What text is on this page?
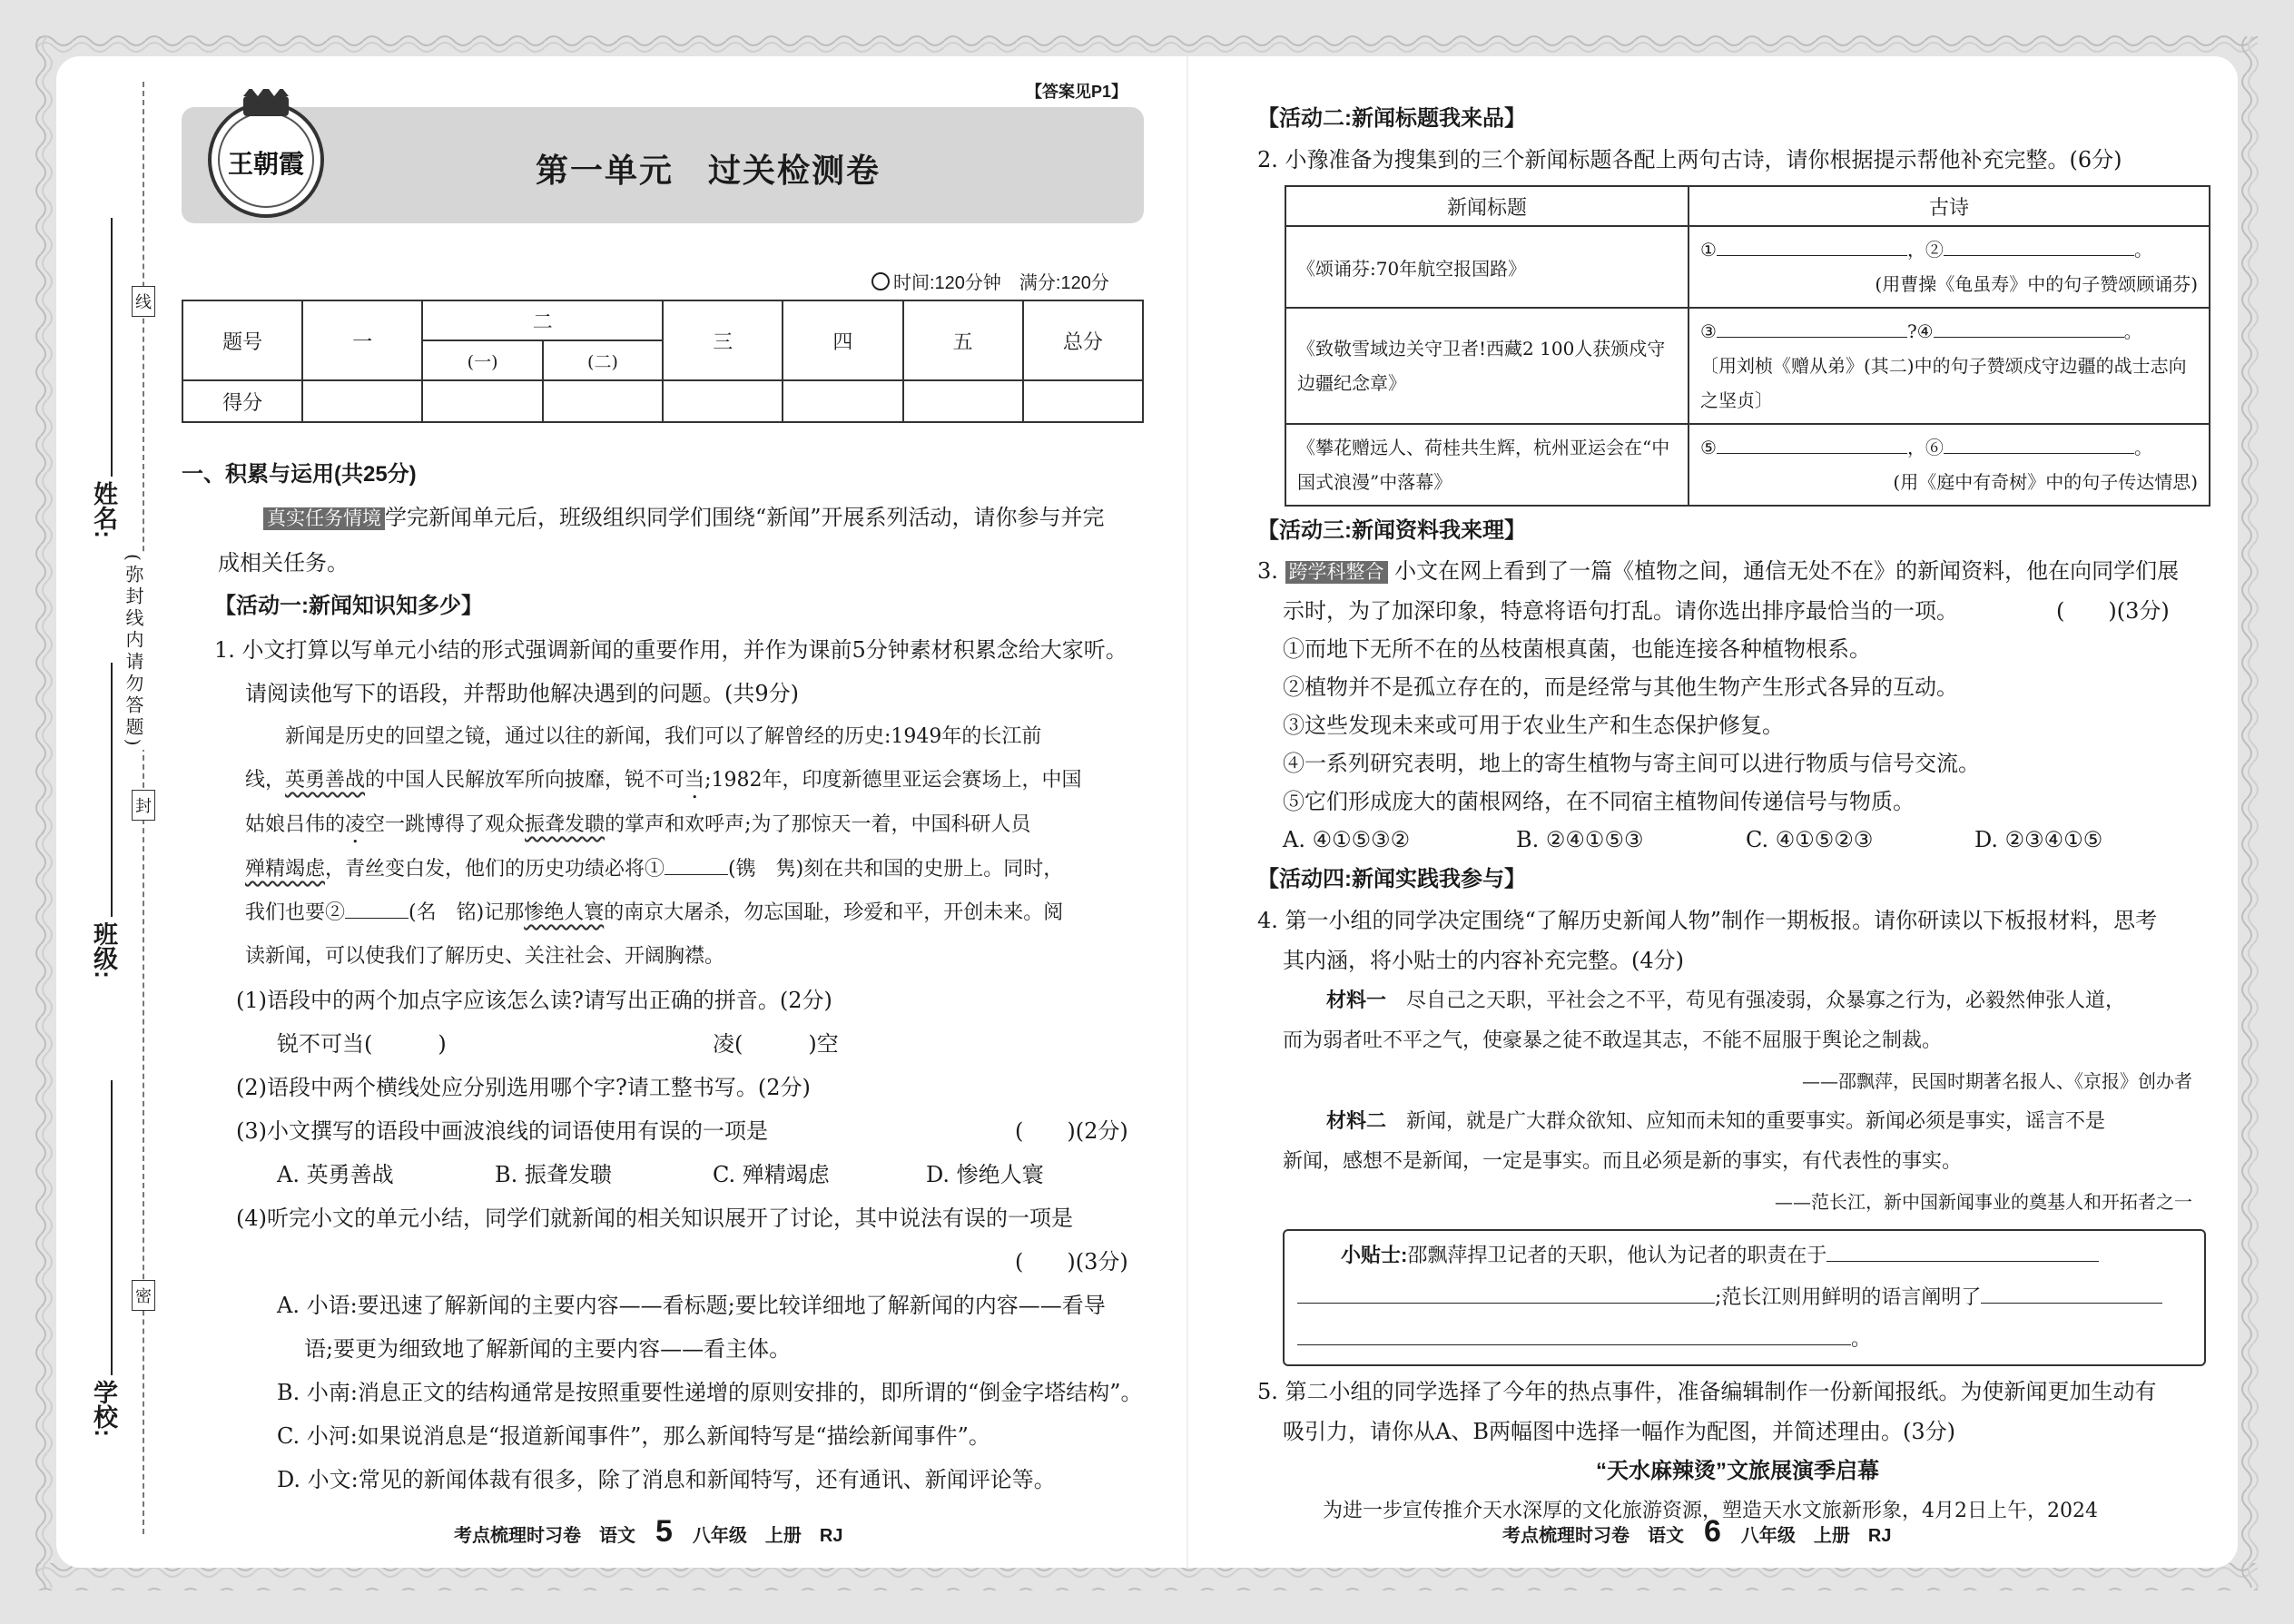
姓名:
班级:
学校:
线
(弥封线内请勿答题)
封
密
【答案见P1】
王朝霞	第一单元　过关检测卷
时间:120分钟　满分:120分
题号	一	二		三	四	五	总分
		(一)	(二)				
得分							
一、积累与运用(共25分)
真实任务情境 学完新闻单元后，班级组织同学们围绕“新闻”开展系列活动，请你参与并完
成相关任务。
【活动一:新闻知识知多少】
1. 小文打算以写单元小结的形式强调新闻的重要作用，并作为课前5分钟素材积累念给大家听。
请阅读他写下的语段，并帮助他解决遇到的问题。(共9分)
新闻是历史的回望之镜，通过以往的新闻，我们可以了解曾经的历史:1949年的长江前
线，英勇善战的中国人民解放军所向披靡，锐不可当;1982年，印度新德里亚运会赛场上，中国
姑娘吕伟的凌空一跳博得了观众振聋发聩的掌声和欢呼声;为了那惊天一着，中国科研人员
殚精竭虑，青丝变白发，他们的历史功绩必将①	(镌　隽)刻在共和国的史册上。同时，
我们也要②	(名　铭)记那惨绝人寰的南京大屠杀，勿忘国耻，珍爱和平，开创未来。阅
读新闻，可以使我们了解历史、关注社会、开阔胸襟。
(1)语段中的两个加点字应该怎么读?请写出正确的拼音。(2分)
锐不可当(　　　)	凌(　　　)空
(2)语段中两个横线处应分别选用哪个字?请工整书写。(2分)
(3)小文撰写的语段中画波浪线的词语使用有误的一项是	(　　)(2分)
A. 英勇善战	B. 振聋发聩	C. 殚精竭虑	D. 惨绝人寰
(4)听完小文的单元小结，同学们就新闻的相关知识展开了讨论，其中说法有误的一项是
(　　)(3分)
A. 小语:要迅速了解新闻的主要内容——看标题;要比较详细地了解新闻的内容——看导
语;要更为细致地了解新闻的主要内容——看主体。
B. 小南:消息正文的结构通常是按照重要性递增的原则安排的，即所谓的“倒金字塔结构”。
C. 小河:如果说消息是“报道新闻事件”，那么新闻特写是“描绘新闻事件”。
D. 小文:常见的新闻体裁有很多，除了消息和新闻特写，还有通讯、新闻评论等。
考点梳理时习卷　语文 5 八年级　上册　RJ
【活动二:新闻标题我来品】
2. 小豫准备为搜集到的三个新闻标题各配上两句古诗，请你根据提示帮他补充完整。(6分)
新闻标题	古诗
《颂诵芬:70年航空报国路》	① ，② 。
(用曹操《龟虽寿》中的句子赞颂顾诵芬)

《致敬雪域边关守卫者!西藏2 100人获颁戍守边疆纪念章》	③ ?④ 。
〔用刘桢《赠从弟》(其二)中的句子赞颂戍守边疆的战士志向之坚贞〕

《攀花赠远人、荷桂共生辉，杭州亚运会在“中国式浪漫”中落幕》	⑤ ，⑥ 。
(用《庭中有奇树》中的句子传达情思)
【活动三:新闻资料我来理】
3. 跨学科整合 小文在网上看到了一篇《植物之间，通信无处不在》的新闻资料，他在向同学们展
示时，为了加深印象，特意将语句打乱。请你选出排序最恰当的一项。	(　　)(3分)
①而地下无所不在的丛枝菌根真菌，也能连接各种植物根系。
②植物并不是孤立存在的，而是经常与其他生物产生形式各异的互动。
③这些发现未来或可用于农业生产和生态保护修复。
④一系列研究表明，地上的寄生植物与寄主间可以进行物质与信号交流。
⑤它们形成庞大的菌根网络，在不同宿主植物间传递信号与物质。
A. ④①⑤③②	B. ②④①⑤③	C. ④①⑤②③	D. ②③④①⑤
【活动四:新闻实践我参与】
4. 第一小组的同学决定围绕“了解历史新闻人物”制作一期板报。请你研读以下板报材料，思考
其内涵，将小贴士的内容补充完整。(4分)
材料一　 尽自己之天职，平社会之不平，苟见有强凌弱，众暴寡之行为，必毅然伸张人道，
而为弱者吐不平之气，使豪暴之徒不敢逞其志，不能不屈服于舆论之制裁。
——邵飘萍，民国时期著名报人、《京报》创办者
材料二　 新闻，就是广大群众欲知、应知而未知的重要事实。新闻必须是事实，谣言不是
新闻，感想不是新闻，一定是事实。而且必须是新的事实，有代表性的事实。
——范长江，新中国新闻事业的奠基人和开拓者之一
小贴士:邵飘萍捍卫记者的天职，他认为记者的职责在于
;范长江则用鲜明的语言阐明了
。
5. 第二小组的同学选择了今年的热点事件，准备编辑制作一份新闻报纸。为使新闻更加生动有
吸引力，请你从A、B两幅图中选择一幅作为配图，并简述理由。(3分)
“天水麻辣烫”文旅展演季启幕
为进一步宣传推介天水深厚的文化旅游资源，塑造天水文旅新形象，4月2日上午，2024
考点梳理时习卷　语文 6 八年级　上册　RJ
